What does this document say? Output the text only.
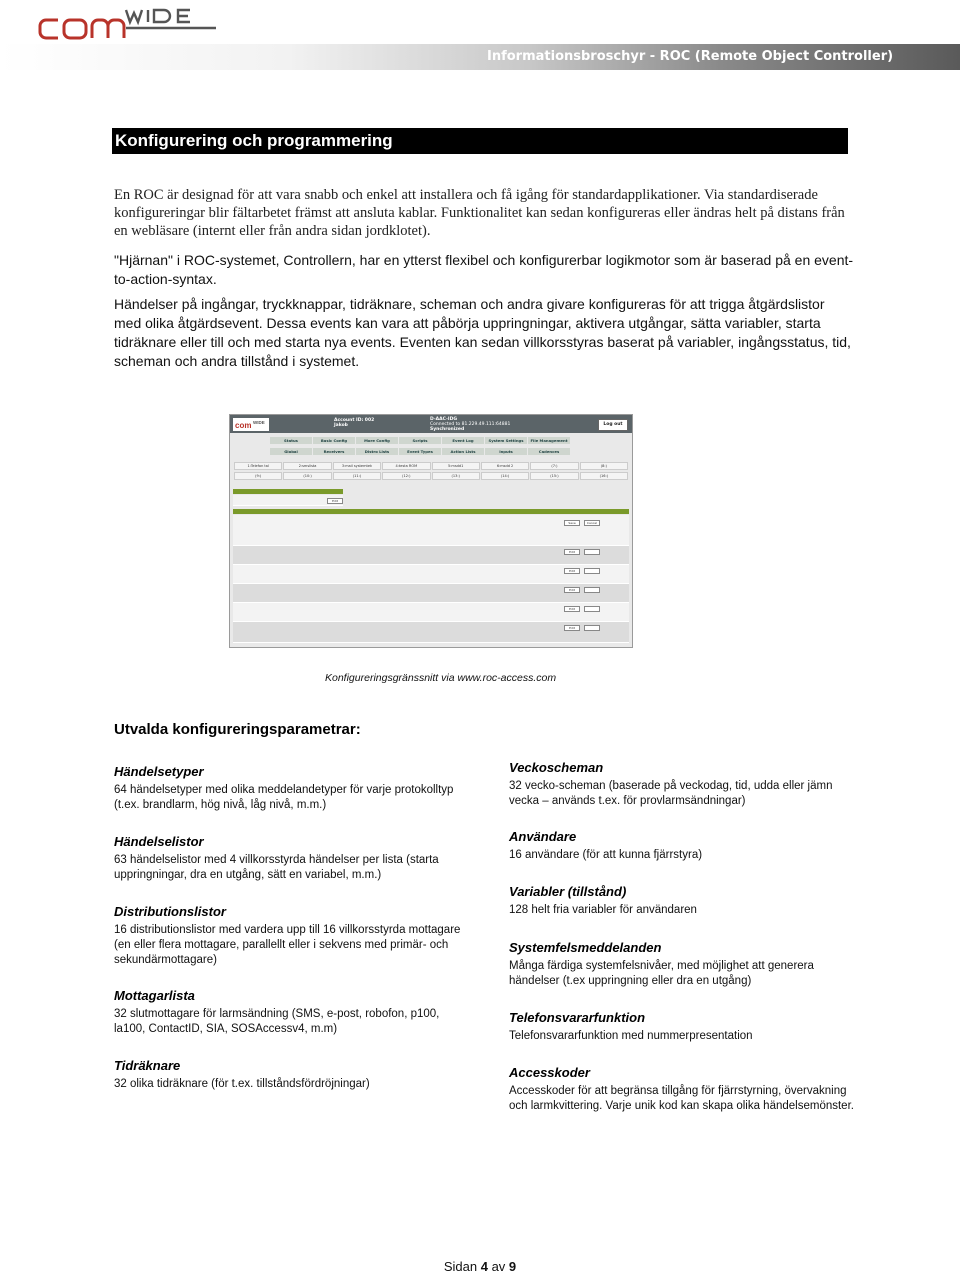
Informationsbroschyr - ROC (Remote Object Controller)
Konfigurering och programmering
En ROC är designad för att vara snabb och enkel att installera och få igång för standardapplikationer. Via standardiserade konfigureringar blir fältarbetet främst att ansluta kablar. Funktionalitet kan sedan konfigureras eller ändras helt på distans från en webläsare (internt eller från andra sidan jordklotet).
"Hjärnan" i ROC-systemet, Controllern, har en ytterst flexibel och konfigurerbar logikmotor som är baserad på en event-to-action-syntax.
Händelser på ingångar, tryckknappar, tidräknare, scheman och andra givare konfigureras för att trigga åtgärdslistor med olika åtgärdsevent. Dessa events kan vara att påbörja uppringningar, aktivera utgångar, sätta variabler, starta tidräknare eller till och med starta nya events. Eventen kan sedan villkorsstyras baserat på variabler, ingångsstatus, tid, scheman och andra tillstånd i systemet.
com WIDE	Account ID: 002
Jakob
D-AAC-IDG
Connected to 81.229.49.111:64881
Synchronized
Log out
Status	Basic Config	More Config	Scripts	Event Log	System Settings	File Management
Global	Receivers	Distro Lists	Event Types	Action Lists	Inputs	Cadences
1:Telefon tal	2:smslista	3:mail systemtek	4:testa ROM	5:msdd1	6:msdd 2	(7:)	(8:)
(9:)	(10:)	(11:)	(12:)	(13:)	(14:)	(15:)	(16:)
Edit
Save	Cancel
Edit
Edit
Edit
Edit
Edit
Konfigureringsgränssnitt via www.roc-access.com
Utvalda konfigureringsparametrar:
Händelsetyper

64 händelsetyper med olika meddelandetyper för varje protokolltyp (t.ex. brandlarm, hög nivå, låg nivå, m.m.)

Händelselistor

63 händelselistor med 4 villkorsstyrda händelser per lista (starta uppringningar, dra en utgång, sätt en variabel, m.m.)

Distributionslistor

16 distributionslistor med vardera upp till 16 villkorsstyrda mottagare (en eller flera mottagare, parallellt eller i sekvens med primär- och sekundärmottagare)

Mottagarlista

32 slutmottagare för larmsändning (SMS, e-post, robofon, p100, la100, ContactID, SIA, SOSAccessv4, m.m)

Tidräknare

32 olika tidräknare (för t.ex. tillståndsfördröjningar)

Veckoscheman

32 vecko-scheman (baserade på veckodag, tid, udda eller jämn vecka – används t.ex. för provlarmsändningar)

Användare

16 användare (för att kunna fjärrstyra)

Variabler (tillstånd)

128 helt fria variabler för användaren

Systemfelsmeddelanden

Många färdiga systemfelsnivåer, med möjlighet att generera händelser (t.ex uppringning eller dra en utgång)

Telefonsvararfunktion

Telefonsvararfunktion med nummerpresentation

Accesskoder

Accesskoder för att begränsa tillgång för fjärrstyrning, övervakning och larmkvittering. Varje unik kod kan skapa olika händelsemönster.

Sidan 4 av 9
